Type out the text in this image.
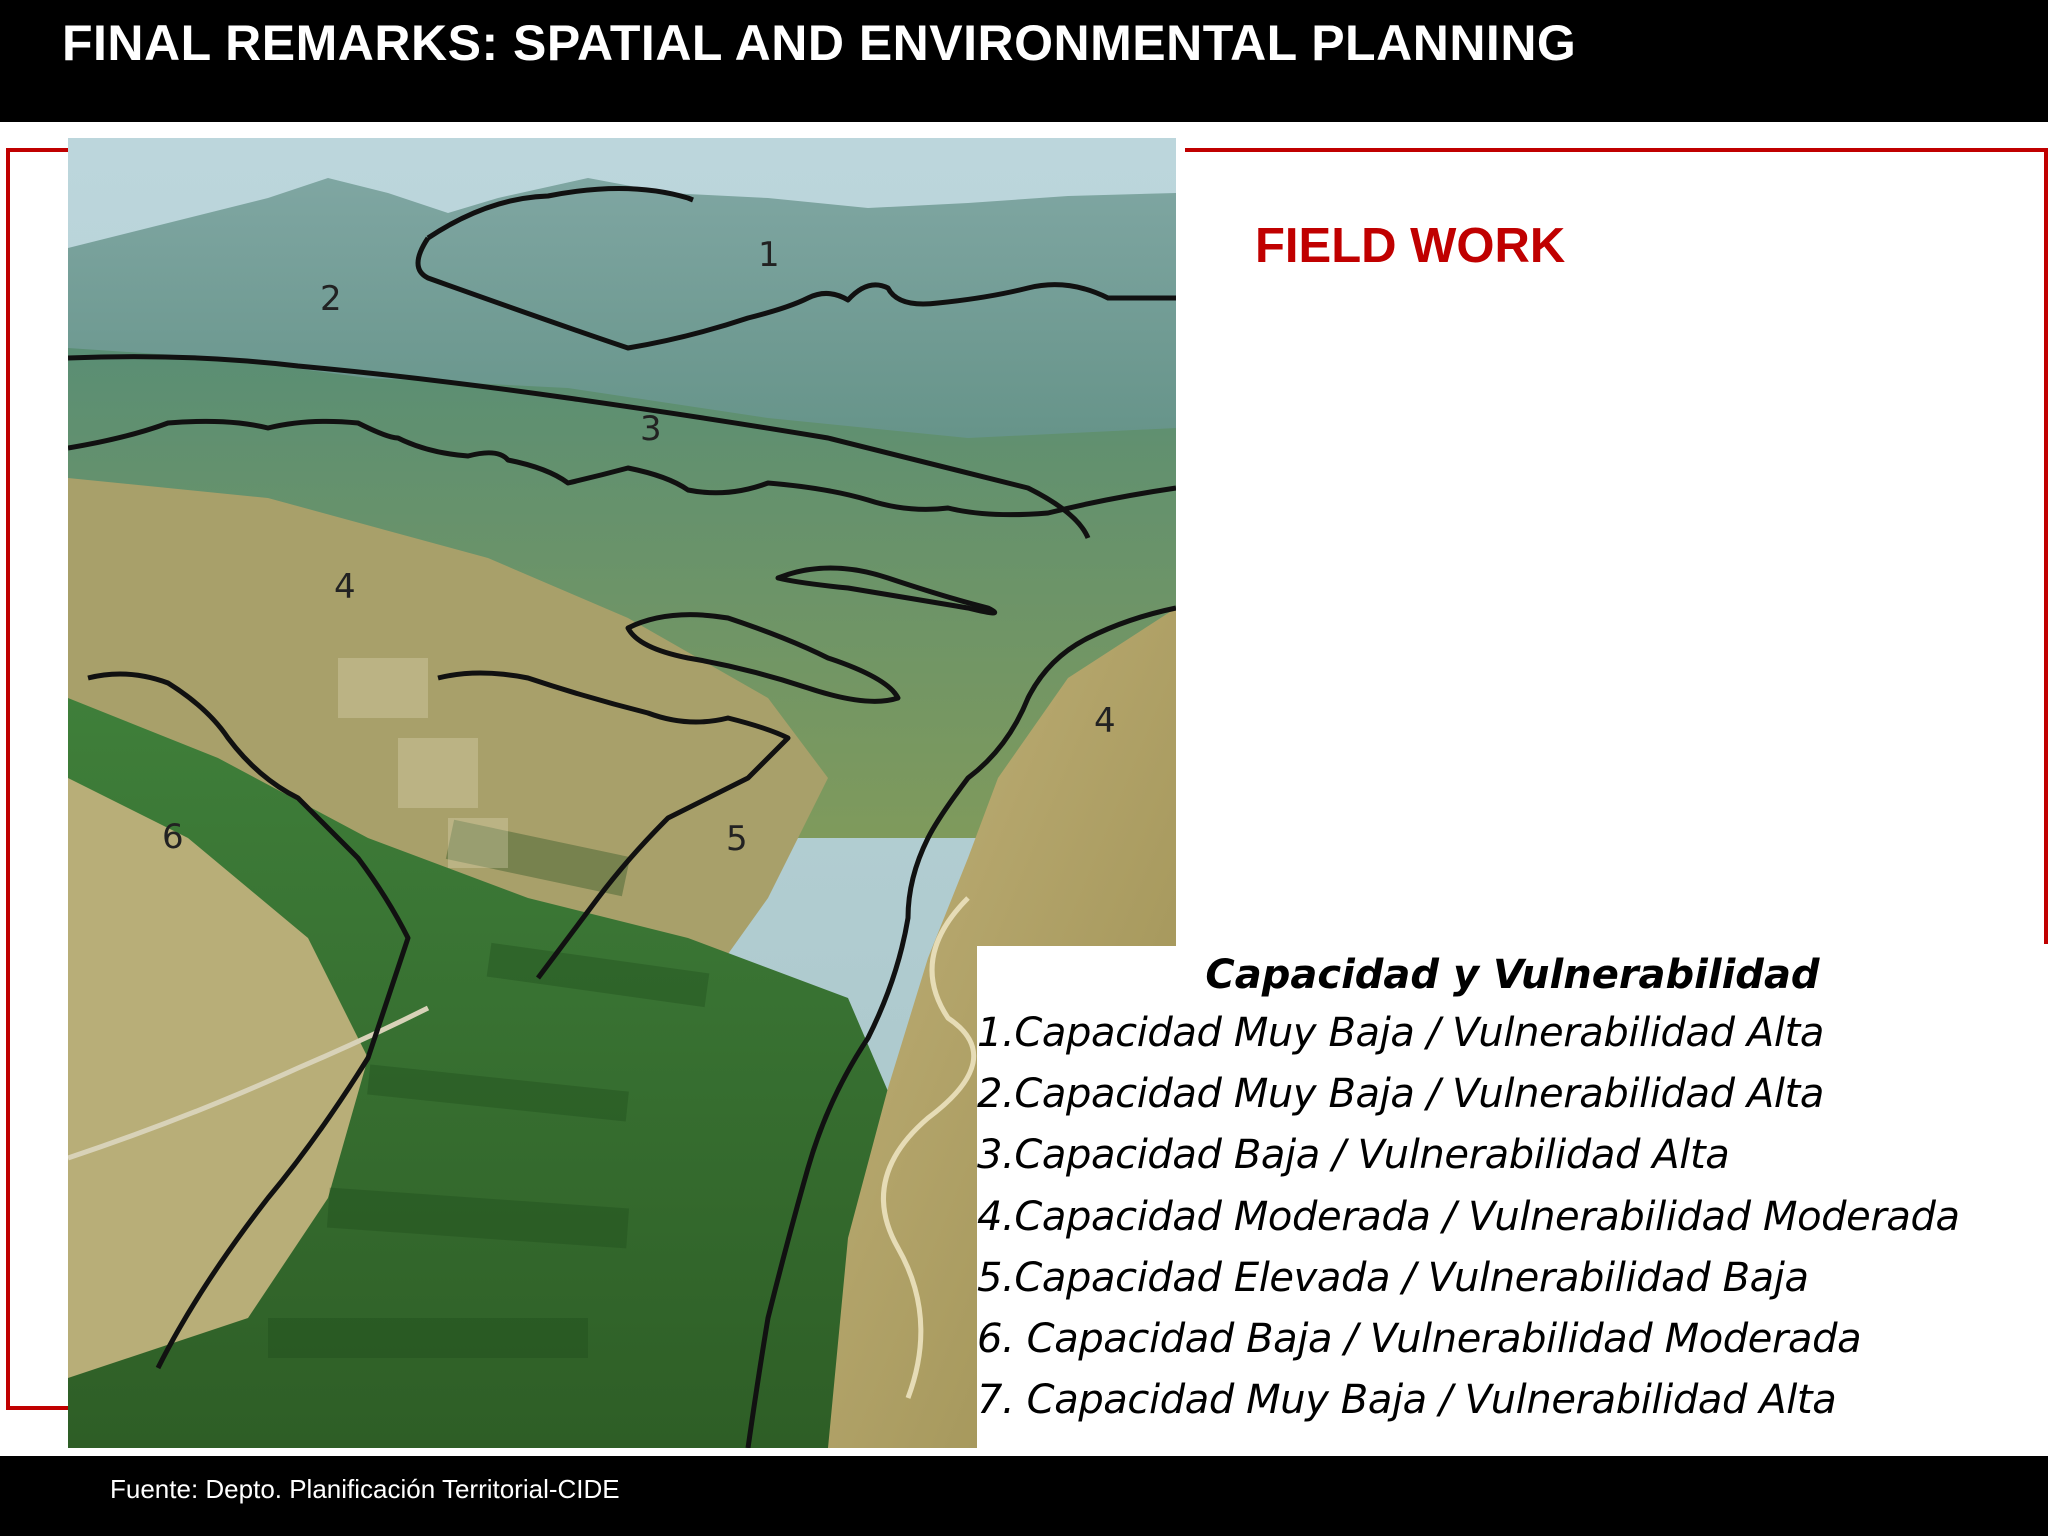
FINAL REMARKS: SPATIAL AND ENVIRONMENTAL PLANNING
1
2
3
4
4
5
6
FIELD WORK
Capacidad y Vulnerabilidad
1.Capacidad Muy Baja / Vulnerabilidad Alta
2.Capacidad Muy Baja / Vulnerabilidad Alta
3.Capacidad Baja / Vulnerabilidad Alta
4.Capacidad Moderada / Vulnerabilidad Moderada
5.Capacidad Elevada / Vulnerabilidad Baja
6. Capacidad Baja / Vulnerabilidad Moderada
7. Capacidad Muy Baja / Vulnerabilidad Alta
Fuente: Depto. Planificación Territorial-CIDE
